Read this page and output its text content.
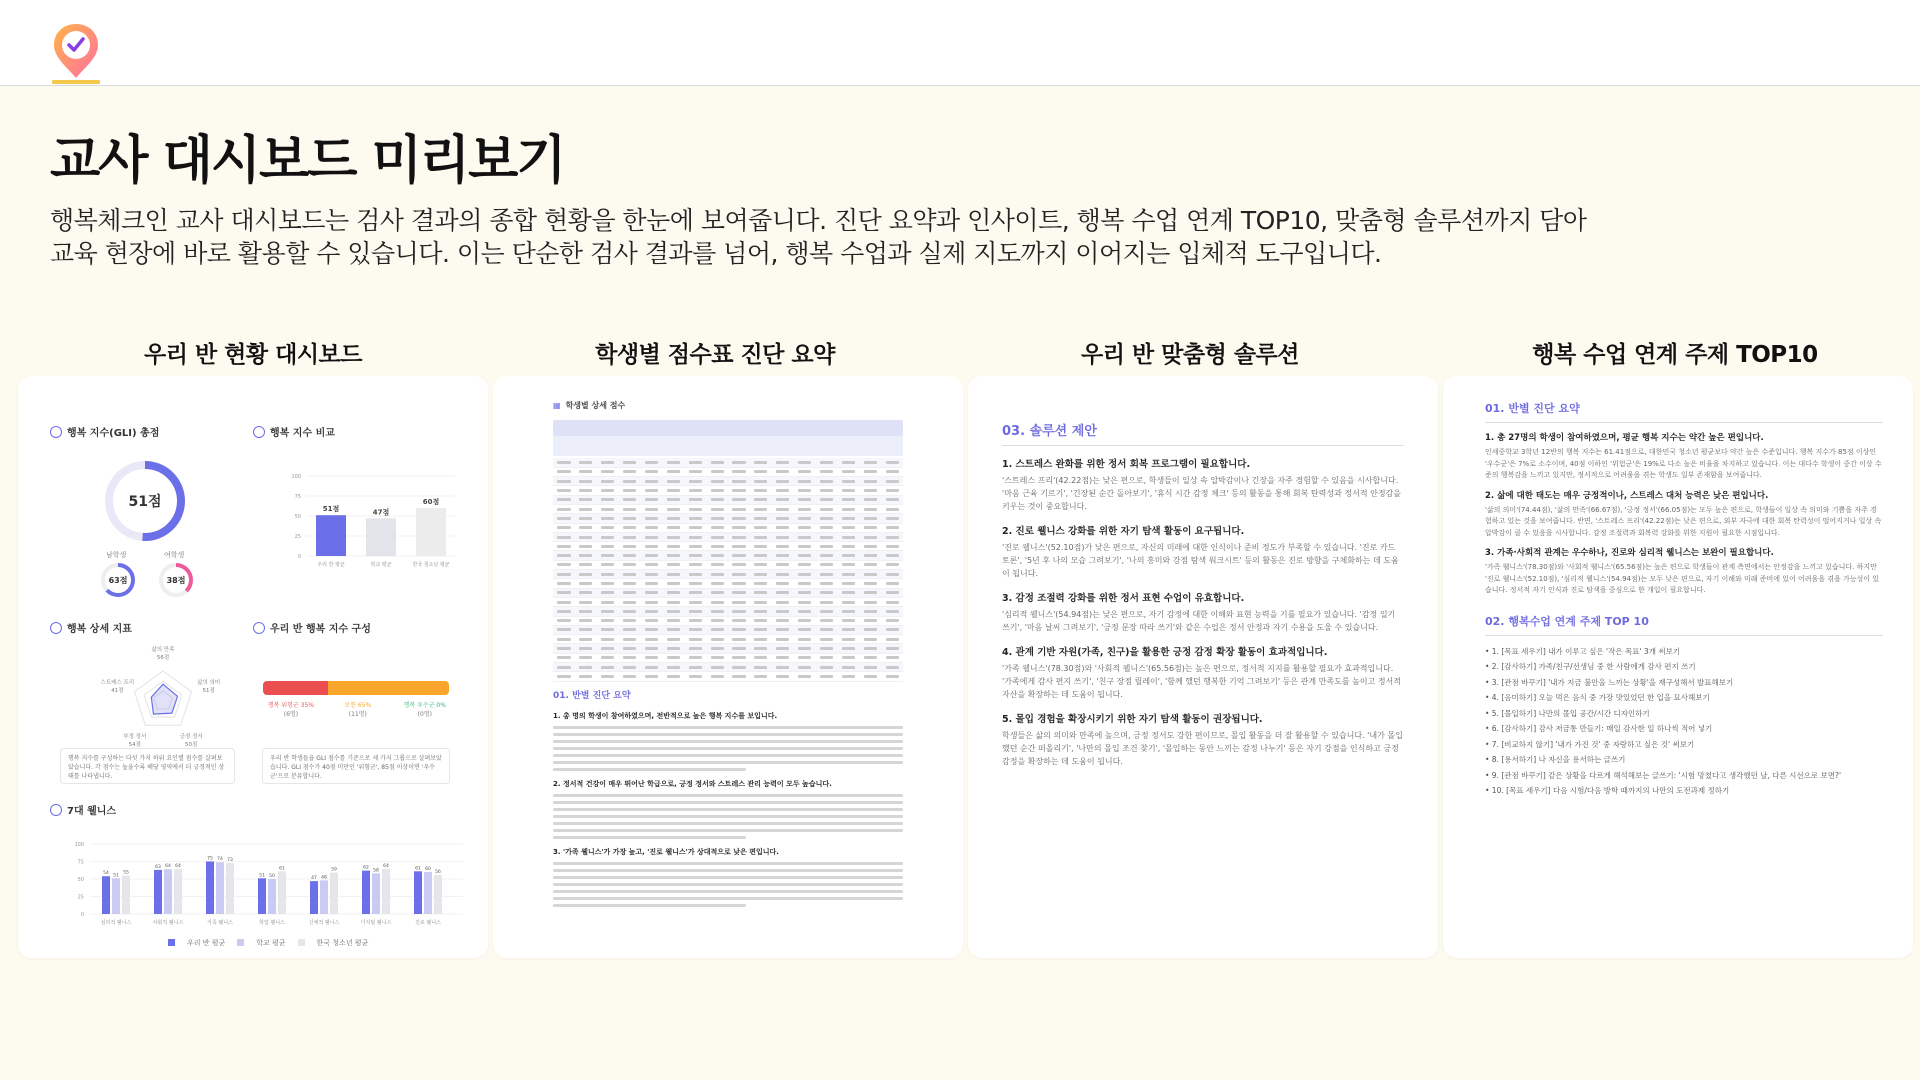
교사 대시보드 미리보기
행복체크인 교사 대시보드는 검사 결과의 종합 현황을 한눈에 보여줍니다. 진단 요약과 인사이트, 행복 수업 연계 TOP10, 맞춤형 솔루션까지 담아
교육 현장에 바로 활용할 수 있습니다. 이는 단순한 검사 결과를 넘어, 행복 수업과 실제 지도까지 이어지는 입체적 도구입니다.
우리 반 현황 대시보드	학생별 점수표 진단 요약	우리 반 맞춤형 솔루션	행복 수업 연계 주제 TOP10
행복 지수(GLI) 총점
51점
남학생	여학생
63점	38점
행복 지수 비교
0
25
50
75
100
51점
우리 반 평균
47점
학교 평균
60점
한국 청소년 평균
행복 상세 지표
삶의 만족
56점
삶의 의미
51점
긍정 정서
50점
부정 정서
54점
스트레스 프리
41점
행복 지수를 구성하는 다섯 가지 하위 요인별 점수를 살펴보았습니다. 각 점수는 높을수록 해당 영역에서 더 긍정적인 상태를 나타냅니다.
우리 반 행복 지수 구성
행복 위험군 35%
(6명)
보통 65%
(11명)
행복 우수군 0%
(0명)
우리 반 학생들을 GLI 점수를 기준으로 세 가지 그룹으로 살펴보았습니다. GLI 점수가 40점 미만인 '위험군', 85점 이상이면 '우수군'으로 분류합니다.
7대 웰니스
0
25
50
75
100
54 51
55
심리적 웰니스
63 64 64
사회적 웰니스
75 74 73
가족 웰니스
51 50
61
학업 웰니스
47 48
59
신체적 웰니스
62
58
64
디지털 웰니스
61 60
56
진로 웰니스
우리 반 평균	학교 평균	한국 청소년 평균
▦ 학생별 상세 점수

01. 반별 진단 요약
1. 총 명의 학생이 참여하였으며, 전반적으로 높은 행복 지수를 보입니다.
2. 정서적 건강이 매우 뛰어난 학급으로, 긍정 정서와 스트레스 관리 능력이 모두 높습니다.
3. '가족 웰니스'가 가장 높고, '진로 웰니스'가 상대적으로 낮은 편입니다.
03. 솔루션 제안
1. 스트레스 완화를 위한 정서 회복 프로그램이 필요합니다.
'스트레스 프리'(42.22점)는 낮은 편으로, 학생들이 일상 속 압박감이나 긴장을 자주 경험할 수 있음을 시사합니다. '마음 근육 기르기', '긴장된 순간 돌아보기', '휴식 시간 감정 체크' 등의 활동을 통해 회복 탄력성과 정서적 안정감을 키우는 것이 중요합니다.
2. 진로 웰니스 강화를 위한 자기 탐색 활동이 요구됩니다.
'진로 웰니스'(52.10점)가 낮은 편으로, 자신의 미래에 대한 인식이나 준비 정도가 부족할 수 있습니다. '진로 카드 토론', '5년 후 나의 모습 그려보기', '나의 흥미와 강점 탐색 워크시트' 등의 활동은 진로 방향을 구체화하는 데 도움이 됩니다.
3. 감정 조절력 강화를 위한 정서 표현 수업이 유효합니다.
'심리적 웰니스'(54.94점)는 낮은 편으로, 자기 감정에 대한 이해와 표현 능력을 기를 필요가 있습니다. '감정 일기 쓰기', '마음 날씨 그려보기', '긍정 문장 따라 쓰기'와 같은 수업은 정서 안정과 자기 수용을 도울 수 있습니다.
4. 관계 기반 자원(가족, 친구)을 활용한 긍정 감정 확장 활동이 효과적입니다.
'가족 웰니스'(78.30점)와 '사회적 웰니스'(65.56점)는 높은 편으로, 정서적 지지를 활용할 필요가 효과적입니다. '가족에게 감사 편지 쓰기', '친구 장점 릴레이', '함께 했던 행복한 기억 그려보기' 등은 관계 만족도를 높이고 정서적 자산을 확장하는 데 도움이 됩니다.
5. 몰입 경험을 확장시키기 위한 자기 탐색 활동이 권장됩니다.
학생들은 삶의 의미와 만족에 높으며, 긍정 정서도 강한 편이므로, 몰입 활동을 더 잘 활용할 수 있습니다. '내가 몰입했던 순간 떠올리기', '나만의 몰입 조건 찾기', '몰입하는 동안 느끼는 감정 나누기' 등은 자기 강점을 인식하고 긍정 감정을 확장하는 데 도움이 됩니다.
01. 반별 진단 요약
1. 총 27명의 학생이 참여하였으며, 평균 행복 지수는 약간 높은 편입니다.
인세중학교 3학년 12반의 행복 지수는 61.41점으로, 대한민국 청소년 평균보다 약간 높은 수준입니다. 행복 지수가 85점 이상인 '우수군'은 7%로 소수이며, 40점 이하인 '위험군'은 19%로 다소 높은 비율을 차지하고 있습니다. 이는 대다수 학생이 중간 이상 수준의 행복감을 느끼고 있지만, 정서적으로 어려움을 겪는 학생도 일부 존재함을 보여줍니다.
2. 삶에 대한 태도는 매우 긍정적이나, 스트레스 대처 능력은 낮은 편입니다.
'삶의 의미'(74.44점), '삶의 만족'(66.67점), '긍정 정서'(66.05점)는 모두 높은 편으로, 학생들이 일상 속 의미와 기쁨을 자주 경험하고 있는 것을 보여줍니다. 반면, '스트레스 프리'(42.22점)는 낮은 편으로, 외부 자극에 대한 회복 탄력성이 떨어지거나 일상 속 압박감이 클 수 있음을 시사합니다. 감정 조절력과 회복력 강화를 위한 지원이 필요한 시점입니다.
3. 가족·사회적 관계는 우수하나, 진로와 심리적 웰니스는 보완이 필요합니다.
'가족 웰니스'(78.30점)와 '사회적 웰니스'(65.56점)는 높은 편으로 학생들이 관계 측면에서는 안정감을 느끼고 있습니다. 하지만 '진로 웰니스'(52.10점), '심리적 웰니스'(54.94점)는 모두 낮은 편으로, 자기 이해와 미래 준비에 있어 어려움을 겪을 가능성이 있습니다. 정서적 자기 인식과 진로 탐색을 중심으로 한 개입이 필요합니다.
02. 행복수업 연계 주제 TOP 10
• 1. [목표 세우기] 내가 이루고 싶은 '작은 목표' 3개 써보기
• 2. [감사하기] 가족/친구/선생님 중 한 사람에게 감사 편지 쓰기
• 3. [관점 바꾸기] '내가 지금 불안을 느끼는 상황'을 재구성해서 발표해보기
• 4. [음미하기] 오늘 먹은 음식 중 가장 맛있었던 한 입을 묘사해보기
• 5. [몰입하기] 나만의 몰입 공간/시간 디자인하기
• 6. [감사하기] 감사 저금통 만들기: 매일 감사한 일 하나씩 적어 넣기
• 7. [비교하지 않기] '내가 가진 것' 중 자랑하고 싶은 것' 써보기
• 8. [용서하기] 나 자신을 용서하는 글쓰기
• 9. [관점 바꾸기] 같은 상황을 다르게 해석해보는 글쓰기: '시험 망쳤다고 생각했던 날, 다른 시선으로 보면?'
• 10. [목표 세우기] 다음 시험/다음 방학 때까지의 나만의 도전과제 정하기
